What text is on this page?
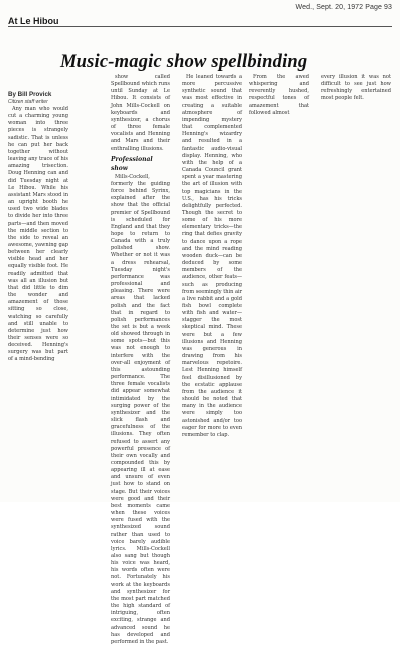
Wed., Sept. 20, 1972 Page 93
At Le Hibou
Music-magic show spellbinding
By Bill Provick
Citizen staff writer

Any man who would cut a charming young woman into three pieces is strangely sadistic. That is unless he can put her back together without leaving any trace of his amazing trisection. Doug Henning can and did Tuesday night at Le Hibou. While his assistant Mars stood in an upright booth he used two wide blades to divide her into three parts—and then moved the middle section to the side to reveal an awesome, yawning gap between her clearly visible head and her equally visible foot. He readily admitted that was all an illusion but that did little to dim the wonder and amazement of those sitting so close, watching so carefully and still unable to determine just how their senses were so deceived. Henning's surgery was but part of a mind-bending

show called Spellbound which runs until Sunday at Le Hibou. It consists of John Mills-Cockell on keyboards and synthesizer, a chorus of three female vocalists and Henning and Mars and their enthralling illusions.

Professional show

Mills-Cockell, formerly the guiding force behind Syrinx, explained after the show that the official premier of Spellbound is scheduled for England and that they hope to return to Canada with a truly polished show. Whether or not it was a dress rehearsal, Tuesday night's performance was professional and pleasing. There were areas that lacked polish and the fact that in regard to polish performances the set is but a week old showed through in some spots—but this was not enough to interfere with the over-all enjoyment of this astounding performance. The three female vocalists did appear somewhat intimidated by the surging power of the synthesizer and the slick flash and gracefulness of the illusions. They often refused to assert any powerful presence of their own vocally and compounded this by appearing ill at ease and unsure of even just how to stand on stage. But their voices were good and their best moments came when these voices were fused with the synthesized sound rather than used to voice barely audible lyrics. Mills-Cockell also sang but though his voice was heard, his words often were not. Fortunately his work at the keyboards and synthesizer for the most part matched the high standard of intriguing, often exciting, strange and advanced sound he has developed and performed in the past.

He leaned towards a more percussive synthetic sound that was most effective in creating a suitable atmosphere of impending mystery that complemented Henning's wizardry and resulted in a fantastic audio-visual display. Henning, who with the help of a Canada Council grant spent a year mastering the art of illusion with top magicians in the U.S., has his tricks delightfully perfected. Though the secret to some of his more elementary tricks—the ring that defies gravity to dance upon a rope and the mind reading wooden duck—can be deduced by some members of the audience, other feats—such as producing from seemingly thin air a live rabbit and a gold fish bowl complete with fish and water—stagger the most skeptical mind. These were but a few illusions and Henning was generous in drawing from his marvelous repetoire. Lest Henning himself feel disillusioned by the ecstatic applause from the audience it should be noted that many in the audience were simply too astonished and/or too eager for more to even remember to clap.

From the awed whispering and reverently hushed, respectful tones of amazement that followed almost

every illusion it was not difficult to see just how refreshingly entertained most people felt.
